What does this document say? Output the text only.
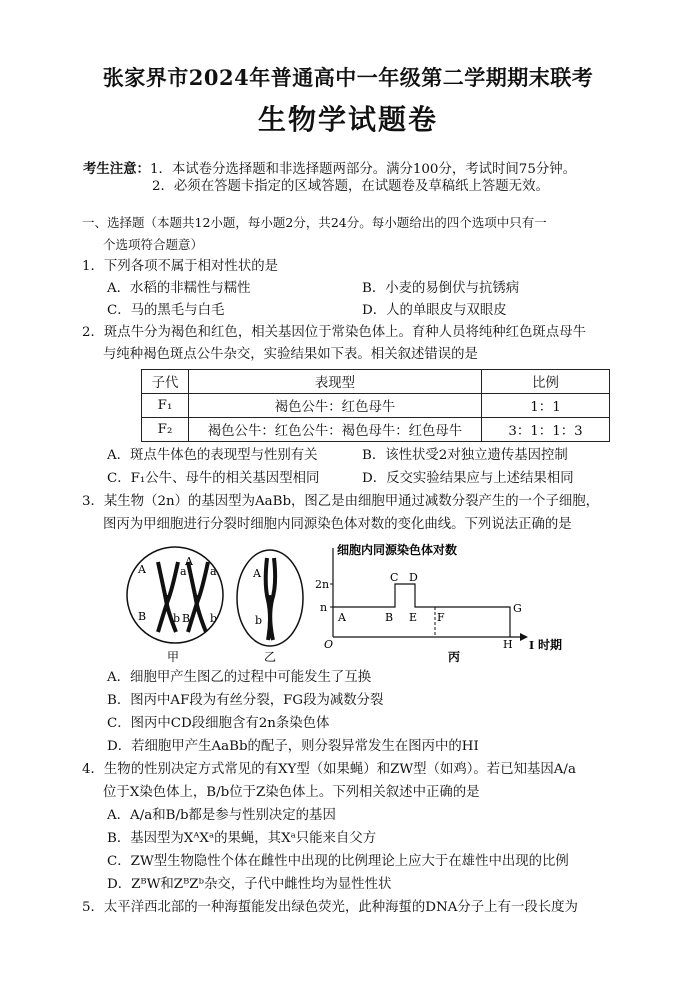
张家界市2024年普通高中一年级第二学期期末联考
生物学试题卷
考生注意：1．本试卷分选择题和非选择题两部分。满分100分，考试时间75分钟。
2．必须在答题卡指定的区域答题，在试题卷及草稿纸上答题无效。
一、选择题（本题共12小题，每小题2分，共24分。每小题给出的四个选项中只有一
个选项符合题意）
1．下列各项不属于相对性状的是
A．水稻的非糯性与糯性	B．小麦的易倒伏与抗锈病
C．马的黑毛与白毛	D．人的单眼皮与双眼皮
2．斑点牛分为褐色和红色，相关基因位于常染色体上。育种人员将纯种红色斑点母牛
与纯种褐色斑点公牛杂交，实验结果如下表。相关叙述错误的是
子代	表现型	比例
F₁	褐色公牛：红色母牛	1：1
F₂	褐色公牛：红色公牛：褐色母牛：红色母牛	3：1：1：3
A．斑点牛体色的表现型与性别有关	B．该性状受2对独立遗传基因控制
C．F₁公牛、母牛的相关基因型相同	D．反交实验结果应与上述结果相同
3．某生物（2n）的基因型为AaBb，图乙是由细胞甲通过减数分裂产生的一个子细胞，
图丙为甲细胞进行分裂时细胞内同源染色体对数的变化曲线。下列说法正确的是
A	a
A
a
B b B b
A
b
细胞内同源染色体对数
2n
n
O
A	B
C D
E F
G
H I 时期
甲	乙	丙
A．细胞甲产生图乙的过程中可能发生了互换
B．图丙中AF段为有丝分裂，FG段为减数分裂
C．图丙中CD段细胞含有2n条染色体
D．若细胞甲产生AaBb的配子，则分裂异常发生在图丙中的HI
4．生物的性别决定方式常见的有XY型（如果蝇）和ZW型（如鸡）。若已知基因A/a
位于X染色体上，B/b位于Z染色体上。下列相关叙述中正确的是
A．A/a和B/b都是参与性别决定的基因
B．基因型为XᴬXᵃ的果蝇，其Xᵃ只能来自父方
C．ZW型生物隐性个体在雌性中出现的比例理论上应大于在雄性中出现的比例
D．ZᴮW和ZᴮZᵇ杂交，子代中雌性均为显性性状
5．太平洋西北部的一种海蜇能发出绿色荧光，此种海蜇的DNA分子上有一段长度为
